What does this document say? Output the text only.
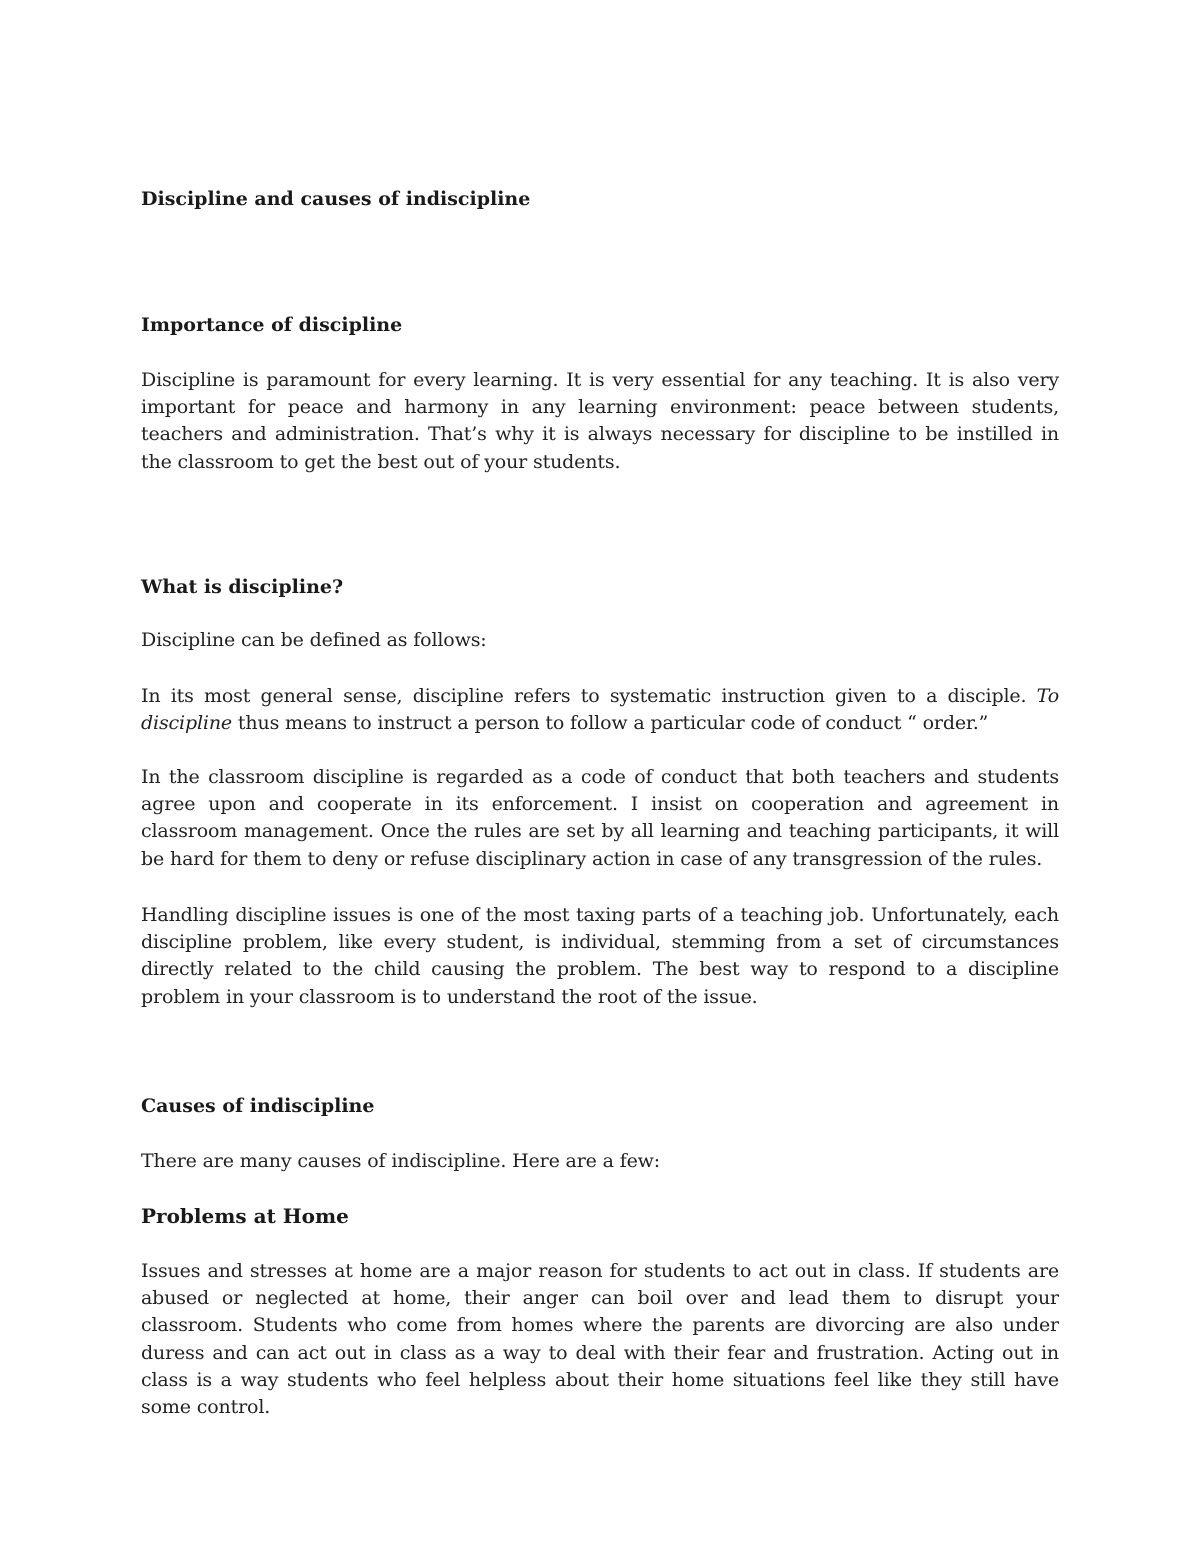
Discipline and causes of indiscipline
Importance of discipline

Discipline is paramount for every learning. It is very essential for any teaching. It is also very important for peace and harmony in any learning environment: peace between students, teachers and administration. That’s why it is always necessary for discipline to be instilled in the classroom to get the best out of your students.

What is discipline?

Discipline can be defined as follows:

In its most general sense, discipline refers to systematic instruction given to a disciple. To discipline thus means to instruct a person to follow a particular code of conduct “ order.”

In the classroom discipline is regarded as a code of conduct that both teachers and students agree upon and cooperate in its enforcement. I insist on cooperation and agreement in classroom management. Once the rules are set by all learning and teaching participants, it will be hard for them to deny or refuse disciplinary action in case of any transgression of the rules.

Handling discipline issues is one of the most taxing parts of a teaching job. Unfortunately, each discipline problem, like every student, is individual, stemming from a set of circumstances directly related to the child causing the problem. The best way to respond to a discipline problem in your classroom is to understand the root of the issue.

Causes of indiscipline

There are many causes of indiscipline. Here are a few:

Problems at Home

Issues and stresses at home are a major reason for students to act out in class. If students are abused or neglected at home, their anger can boil over and lead them to disrupt your classroom. Students who come from homes where the parents are divorcing are also under duress and can act out in class as a way to deal with their fear and frustration. Acting out in class is a way students who feel helpless about their home situations feel like they still have some control.
